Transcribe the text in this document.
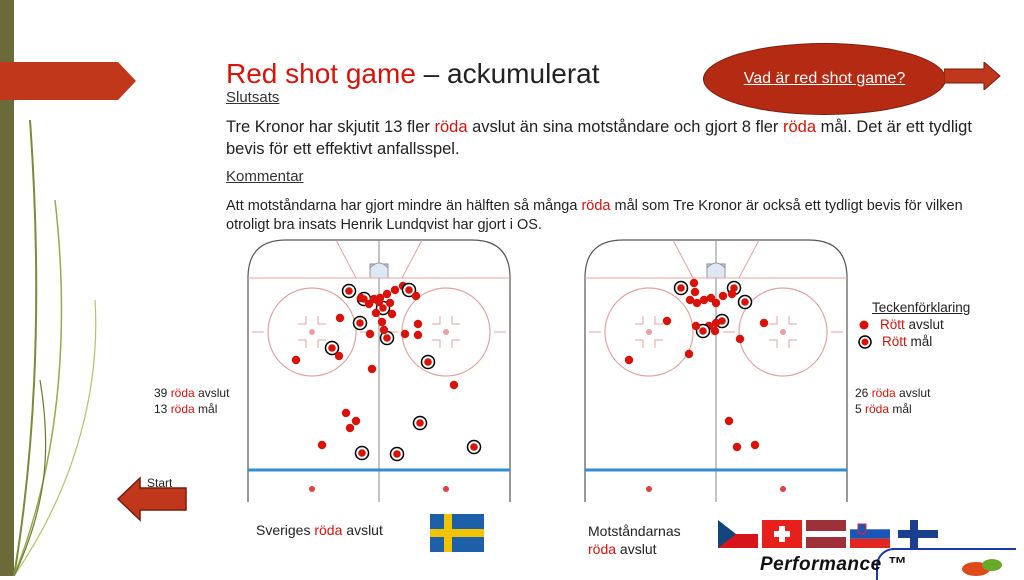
Red shot game – ackumulerat	Vad är red shot game?
Slutsats
Tre Kronor har skjutit 13 fler röda avslut än sina motståndare och gjort 8 fler röda mål. Det är ett tydligt bevis för ett effektivt anfallsspel.
Kommentar
Att motståndarna har gjort mindre än hälften så många röda mål som Tre Kronor är också ett tydligt bevis för vilken otroligt bra insats Henrik Lundqvist har gjort i OS.
39 röda avslut
13 röda mål
26 röda avslut
5 röda mål
Teckenförklaring
Rött avslut
Rött mål
Start
Sveriges röda avslut	Motståndarnas
röda avslut
Performance ™
